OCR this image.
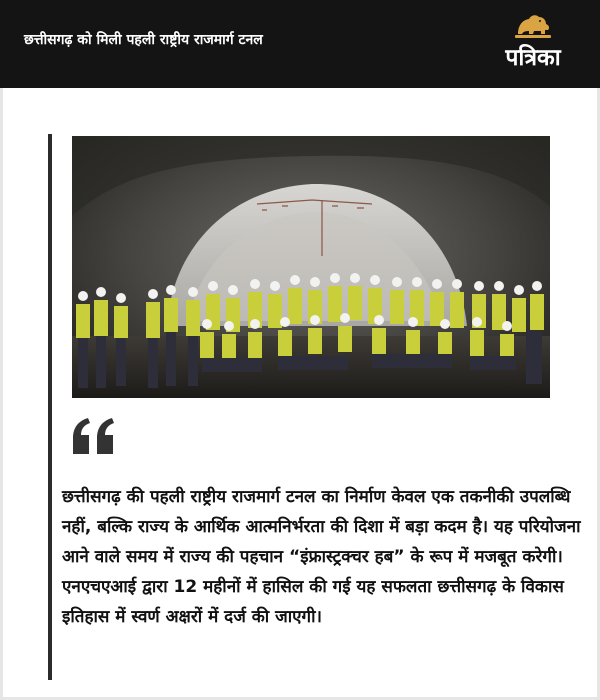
छत्तीसगढ़ को मिली पहली राष्ट्रीय राजमार्ग टनल
पत्रिका
छत्तीसगढ़ की पहली राष्ट्रीय राजमार्ग टनल का निर्माण केवल एक तकनीकी उपलब्धि नहीं, बल्कि राज्य के आर्थिक आत्मनिर्भरता की दिशा में बड़ा कदम है। यह परियोजना आने वाले समय में राज्य की पहचान “इंफ्रास्ट्रक्चर हब” के रूप में मजबूत करेगी। एनएचएआई द्वारा 12 महीनों में हासिल की गई यह सफलता छत्तीसगढ़ के विकास इतिहास में स्वर्ण अक्षरों में दर्ज की जाएगी।
